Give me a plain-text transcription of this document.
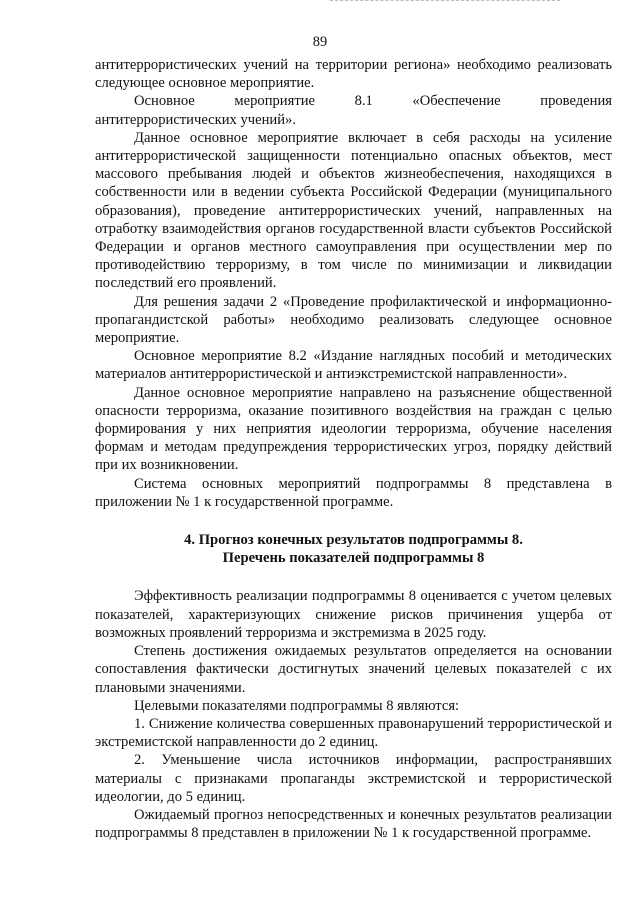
89

антитеррористических учений на территории региона» необходимо реализовать следующее основное мероприятие.

Основное мероприятие 8.1 «Обеспечение проведения антитеррористических учений».

Данное основное мероприятие включает в себя расходы на усиление антитеррористической защищенности потенциально опасных объектов, мест массового пребывания людей и объектов жизнеобеспечения, находящихся в собственности или в ведении субъекта Российской Федерации (муниципального образования), проведение антитеррористических учений, направленных на отработку взаимодействия органов государственной власти субъектов Российской Федерации и органов местного самоуправления при осуществлении мер по противодействию терроризму, в том числе по минимизации и ликвидации последствий его проявлений.

Для решения задачи 2 «Проведение профилактической и информационно-пропагандистской работы» необходимо реализовать следующее основное мероприятие.

Основное мероприятие 8.2 «Издание наглядных пособий и методических материалов антитеррористической и антиэкстремистской направленности».

Данное основное мероприятие направлено на разъяснение общественной опасности терроризма, оказание позитивного воздействия на граждан с целью формирования у них неприятия идеологии терроризма, обучение населения формам и методам предупреждения террористических угроз, порядку действий при их возникновении.

Система основных мероприятий подпрограммы 8 представлена в приложении № 1 к государственной программе.

4. Прогноз конечных результатов подпрограммы 8.
Перечень показателей подпрограммы 8

Эффективность реализации подпрограммы 8 оценивается с учетом целевых показателей, характеризующих снижение рисков причинения ущерба от возможных проявлений терроризма и экстремизма в 2025 году.

Степень достижения ожидаемых результатов определяется на основании сопоставления фактически достигнутых значений целевых показателей с их плановыми значениями.

Целевыми показателями подпрограммы 8 являются:

1. Снижение количества совершенных правонарушений террористической и экстремистской направленности до 2 единиц.

2. Уменьшение числа источников информации, распространявших материалы с признаками пропаганды экстремистской и террористической идеологии, до 5 единиц.

Ожидаемый прогноз непосредственных и конечных результатов реализации подпрограммы 8 представлен в приложении № 1 к государственной программе.
